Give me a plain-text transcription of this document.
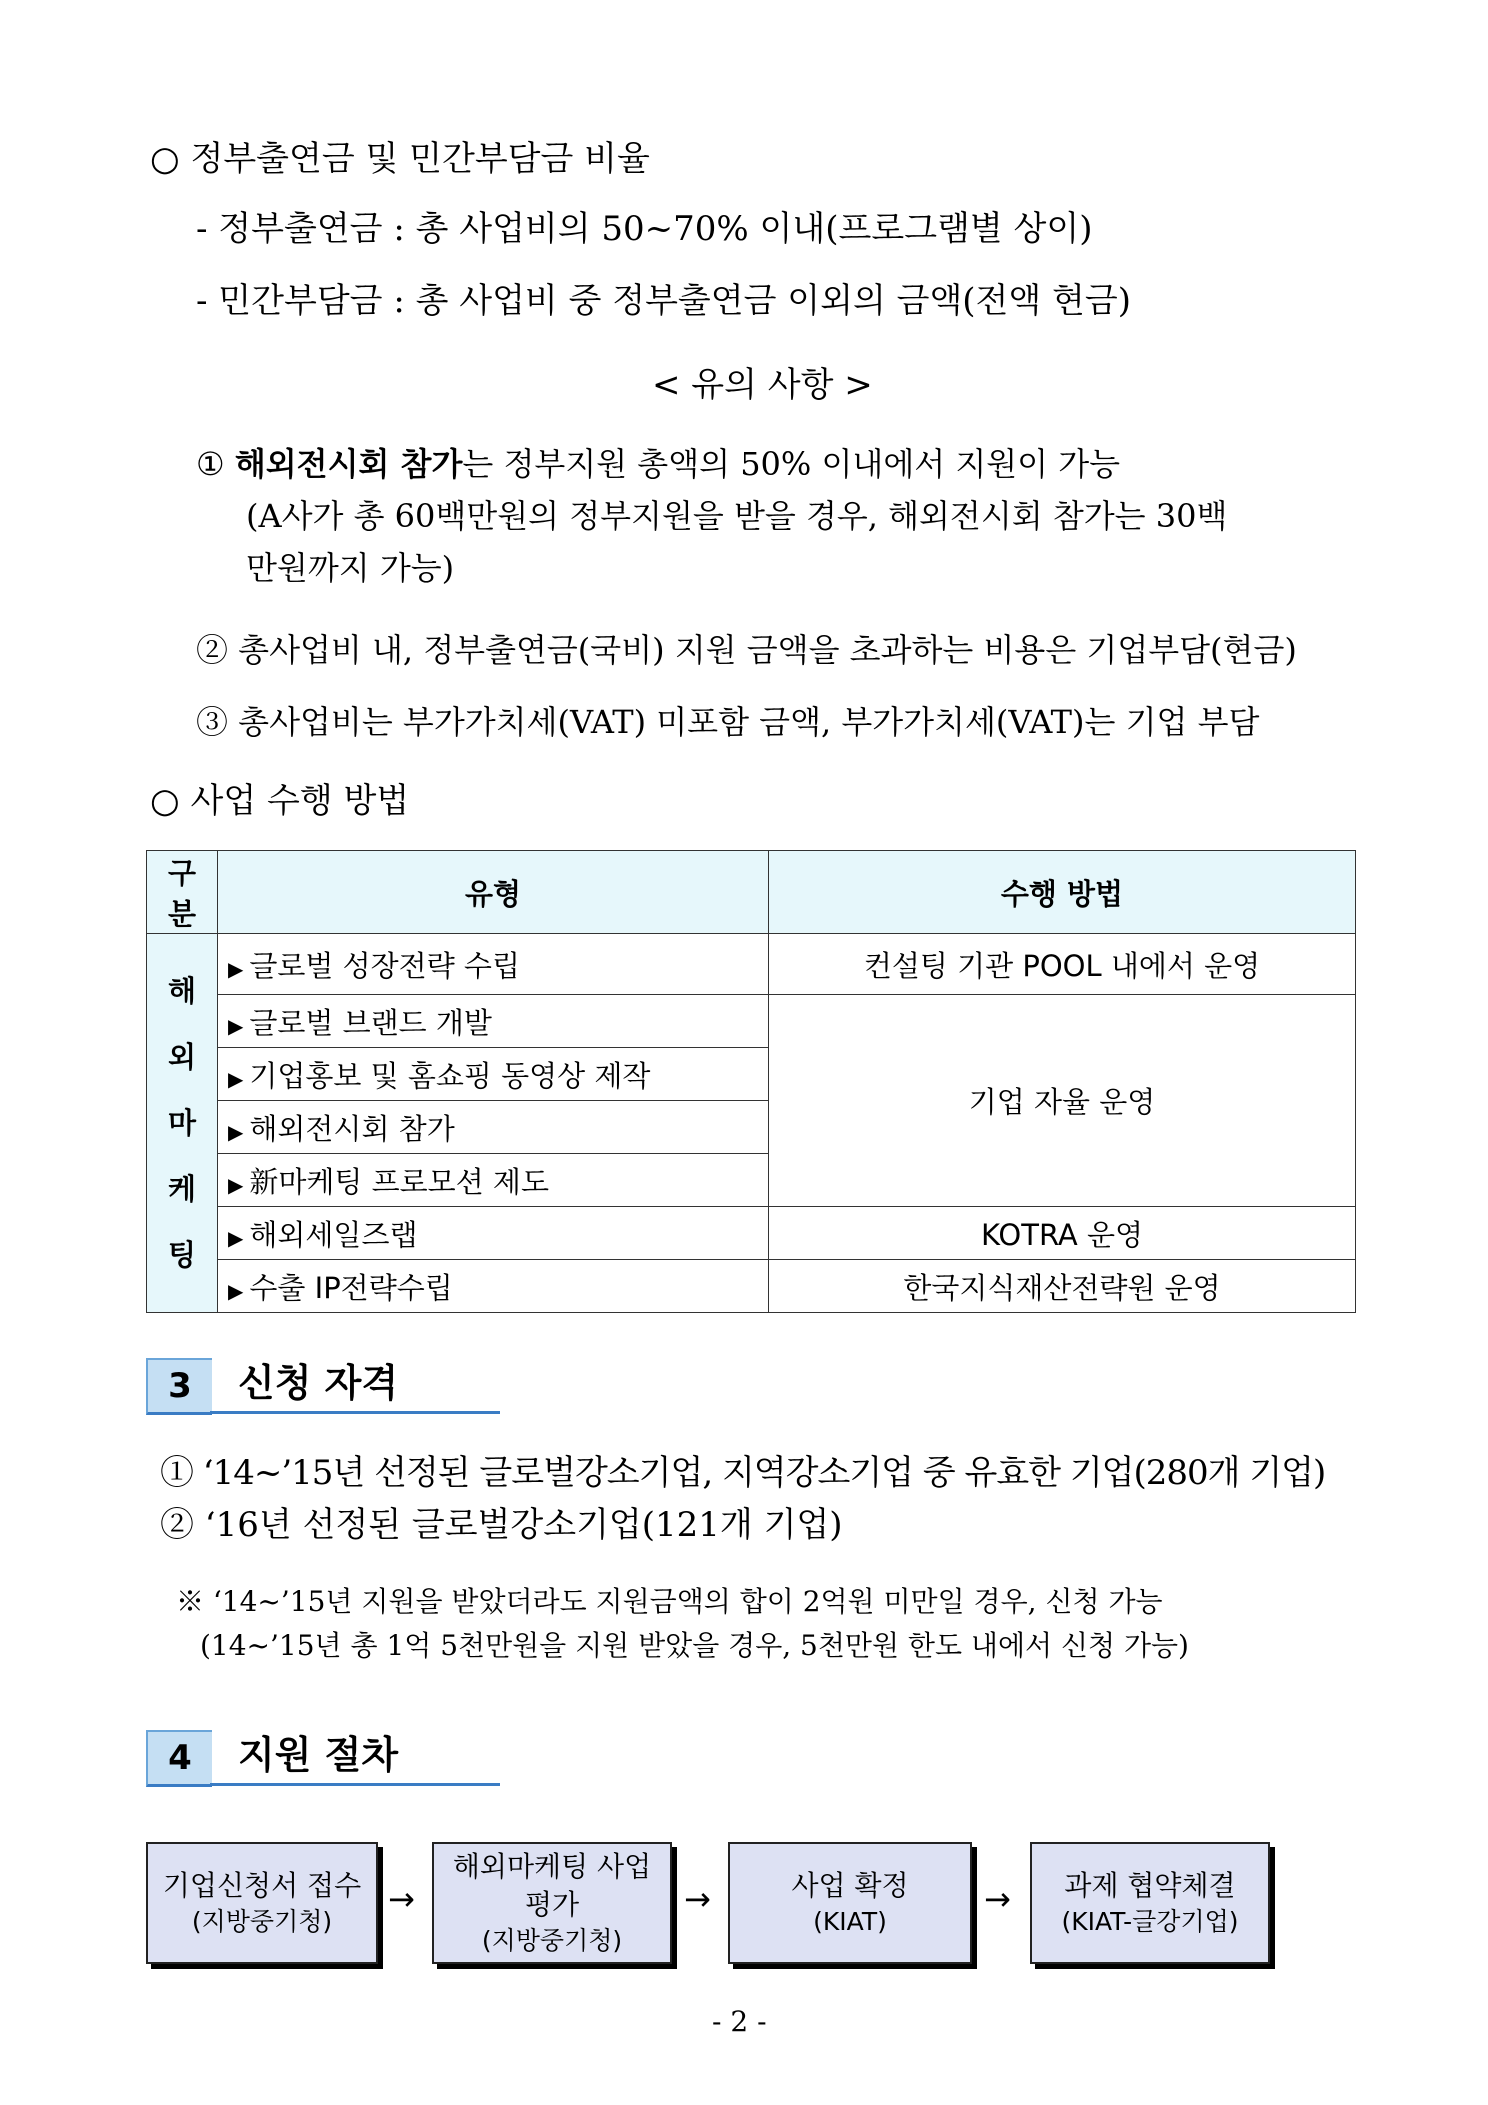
○ 정부출연금 및 민간부담금 비율
- 정부출연금 : 총 사업비의 50~70% 이내(프로그램별 상이)
- 민간부담금 : 총 사업비 중 정부출연금 이외의 금액(전액 현금)
< 유의 사항 >
① 해외전시회 참가는 정부지원 총액의 50% 이내에서 지원이 가능
(A사가 총 60백만원의 정부지원을 받을 경우, 해외전시회 참가는 30백
만원까지 가능)
② 총사업비 내, 정부출연금(국비) 지원 금액을 초과하는 비용은 기업부담(현금)
③ 총사업비는 부가가치세(VAT) 미포함 금액, 부가가치세(VAT)는 기업 부담
○ 사업 수행 방법
구분	유형	수행 방법

해
외
마
케
팅	▶ 글로벌 성장전략 수립	컨설팅 기관 POOL 내에서 운영
	▶ 글로벌 브랜드 개발	기업 자율 운영
	▶ 기업홍보 및 홈쇼핑 동영상 제작	
	▶ 해외전시회 참가	
	▶ 新마케팅 프로모션 제도	
	▶ 해외세일즈랩	KOTRA 운영
	▶ 수출 IP전략수립	한국지식재산전략원 운영
3	신청 자격
① ‘14~’15년 선정된 글로벌강소기업, 지역강소기업 중 유효한 기업(280개 기업)
② ‘16년 선정된 글로벌강소기업(121개 기업)
※ ‘14~’15년 지원을 받았더라도 지원금액의 합이 2억원 미만일 경우, 신청 가능
(14~’15년 총 1억 5천만원을 지원 받았을 경우, 5천만원 한도 내에서 신청 가능)
4	지원 절차
기업신청서 접수
(지방중기청)
→
해외마케팅 사업
평가
(지방중기청)
→	사업 확정
(KIAT)
→ 과제 협약체결
(KIAT-글강기업)
- 2 -
